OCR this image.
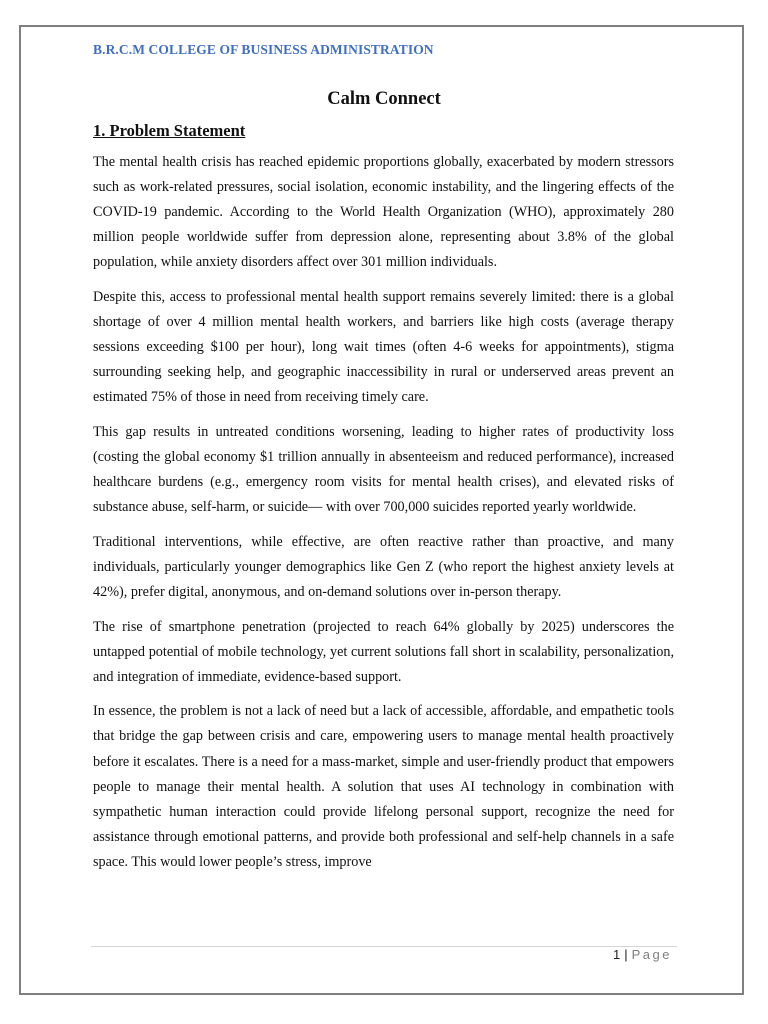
B.R.C.M COLLEGE OF BUSINESS ADMINISTRATION
Calm Connect
1. Problem Statement

The mental health crisis has reached epidemic proportions globally, exacerbated by modern stressors such as work-related pressures, social isolation, economic instability, and the lingering effects of the COVID-19 pandemic. According to the World Health Organization (WHO), approximately 280 million people worldwide suffer from depression alone, representing about 3.8% of the global population, while anxiety disorders affect over 301 million individuals.

Despite this, access to professional mental health support remains severely limited: there is a global shortage of over 4 million mental health workers, and barriers like high costs (average therapy sessions exceeding $100 per hour), long wait times (often 4-6 weeks for appointments), stigma surrounding seeking help, and geographic inaccessibility in rural or underserved areas prevent an estimated 75% of those in need from receiving timely care.

This gap results in untreated conditions worsening, leading to higher rates of productivity loss (costing the global economy $1 trillion annually in absenteeism and reduced performance), increased healthcare burdens (e.g., emergency room visits for mental health crises), and elevated risks of substance abuse, self-harm, or suicide— with over 700,000 suicides reported yearly worldwide.

Traditional interventions, while effective, are often reactive rather than proactive, and many individuals, particularly younger demographics like Gen Z (who report the highest anxiety levels at 42%), prefer digital, anonymous, and on-demand solutions over in-person therapy.

The rise of smartphone penetration (projected to reach 64% globally by 2025) underscores the untapped potential of mobile technology, yet current solutions fall short in scalability, personalization, and integration of immediate, evidence-based support.

In essence, the problem is not a lack of need but a lack of accessible, affordable, and empathetic tools that bridge the gap between crisis and care, empowering users to manage mental health proactively before it escalates. There is a need for a mass-market, simple and user-friendly product that empowers people to manage their mental health. A solution that uses AI technology in combination with sympathetic human interaction could provide lifelong personal support, recognize the need for assistance through emotional patterns, and provide both professional and self-help channels in a safe space. This would lower people’s stress, improve

1 | Page
